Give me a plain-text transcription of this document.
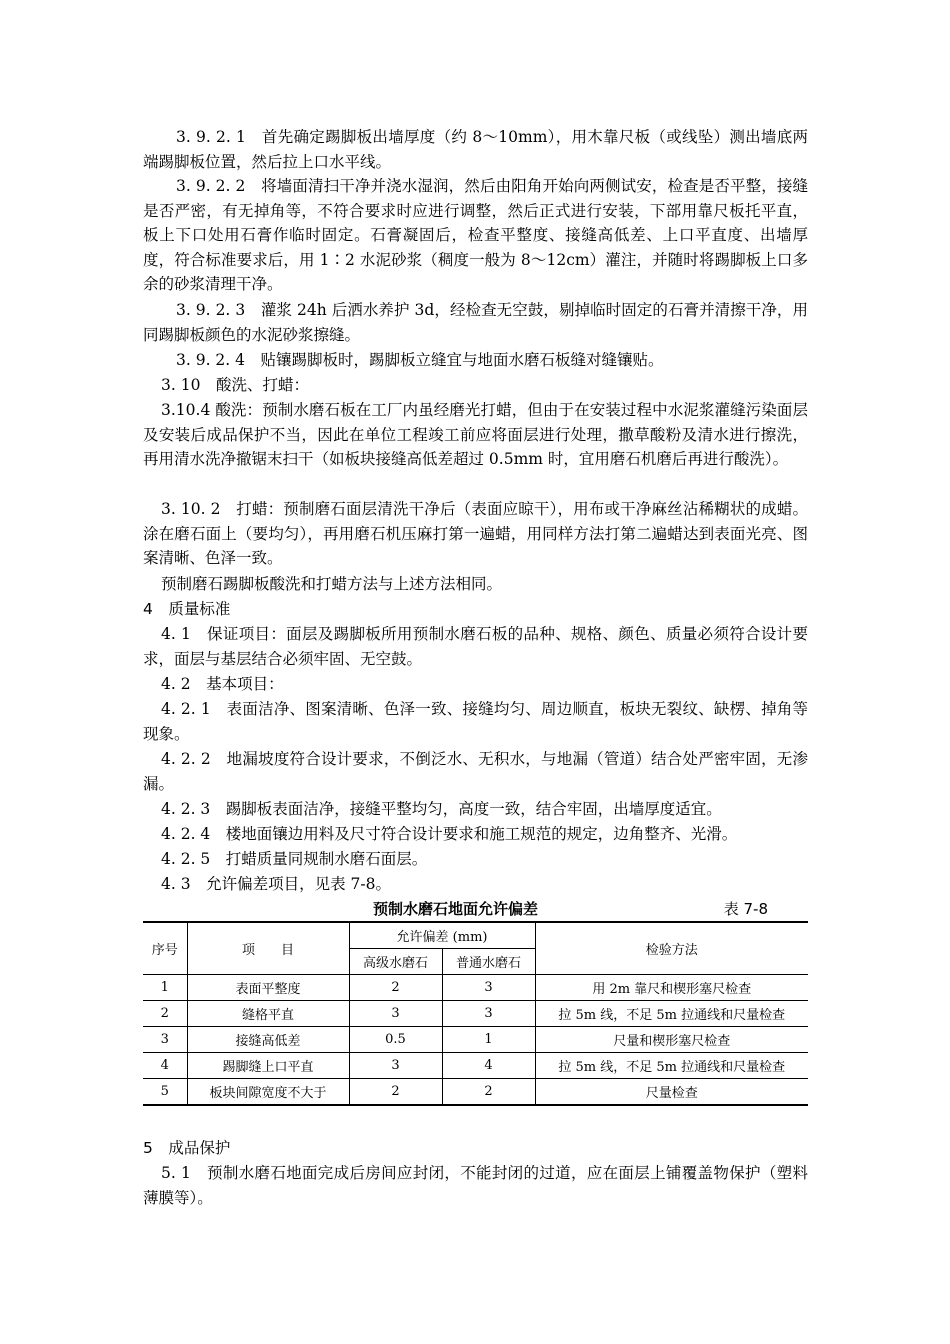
3. 9. 2. 1　首先确定踢脚板出墙厚度（约 8～10mm），用木靠尺板（或线坠）测出墙底两端踢脚板位置，然后拉上口水平线。

3. 9. 2. 2　将墙面清扫干净并浇水湿润，然后由阳角开始向两侧试安，检查是否平整，接缝是否严密，有无掉角等，不符合要求时应进行调整，然后正式进行安装，下部用靠尺板托平直，板上下口处用石膏作临时固定。石膏凝固后，检查平整度、接缝高低差、上口平直度、出墙厚度，符合标准要求后，用 1∶2 水泥砂浆（稠度一般为 8～12cm）灌注，并随时将踢脚板上口多余的砂浆清理干净。

3. 9. 2. 3　灌浆 24h 后洒水养护 3d，经检查无空鼓，剔掉临时固定的石膏并清擦干净，用同踢脚板颜色的水泥砂浆擦缝。

3. 9. 2. 4　贴镶踢脚板时，踢脚板立缝宜与地面水磨石板缝对缝镶贴。

3. 10　酸洗、打蜡：

3.10.4 酸洗：预制水磨石板在工厂内虽经磨光打蜡，但由于在安装过程中水泥浆灌缝污染面层及安装后成品保护不当，因此在单位工程竣工前应将面层进行处理，撒草酸粉及清水进行擦洗，再用清水洗净撤锯末扫干（如板块接缝高低差超过 0.5mm 时，宜用磨石机磨后再进行酸洗）。

3. 10. 2　打蜡：预制磨石面层清洗干净后（表面应晾干），用布或干净麻丝沾稀糊状的成蜡。涂在磨石面上（要均匀），再用磨石机压麻打第一遍蜡，用同样方法打第二遍蜡达到表面光亮、图案清晰、色泽一致。

预制磨石踢脚板酸洗和打蜡方法与上述方法相同。

4　质量标准

4. 1　保证项目：面层及踢脚板所用预制水磨石板的品种、规格、颜色、质量必须符合设计要求，面层与基层结合必须牢固、无空鼓。

4. 2　基本项目：

4. 2. 1　表面洁净、图案清晰、色泽一致、接缝均匀、周边顺直，板块无裂纹、缺楞、掉角等现象。

4. 2. 2　地漏坡度符合设计要求，不倒泛水、无积水，与地漏（管道）结合处严密牢固，无渗漏。

4. 2. 3　踢脚板表面洁净，接缝平整均匀，高度一致，结合牢固，出墙厚度适宜。

4. 2. 4　楼地面镶边用料及尺寸符合设计要求和施工规范的规定，边角整齐、光滑。

4. 2. 5　打蜡质量同规制水磨石面层。

4. 3　允许偏差项目，见表 7-8。

预制水磨石地面允许偏差	表 7-8
序号	项　　目	允许偏差 (mm)		检验方法
		高级水磨石	普通水磨石	
1	表面平整度	2	3	用 2m 靠尺和楔形塞尺检查
2	缝格平直	3	3	拉 5m 线，不足 5m 拉通线和尺量检查
3	接缝高低差	0.5	1	尺量和楔形塞尺检查
4	踢脚缝上口平直	3	4	拉 5m 线，不足 5m 拉通线和尺量检查
5	板块间隙宽度不大于	2	2	尺量检查

5　成品保护

5. 1　预制水磨石地面完成后房间应封闭，不能封闭的过道，应在面层上铺覆盖物保护（塑料薄膜等）。
